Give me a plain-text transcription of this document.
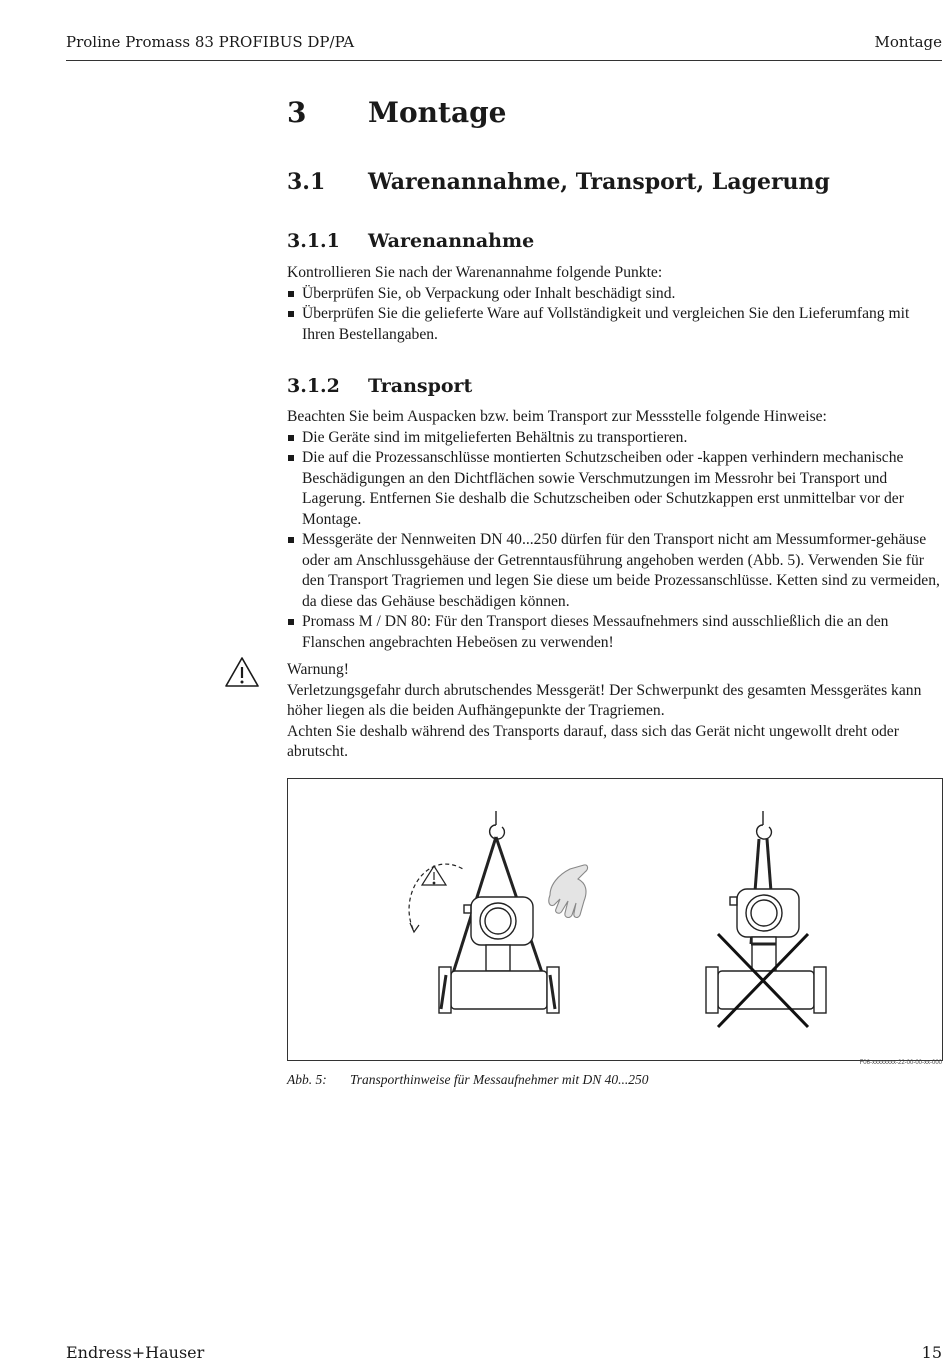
Proline Promass 83 PROFIBUS DP/PA	Montage
3 Montage
3.1 Warenannahme, Transport, Lagerung
3.1.1 Warenannahme

Kontrollieren Sie nach der Warenannahme folgende Punkte:

Überprüfen Sie, ob Verpackung oder Inhalt beschädigt sind.
Überprüfen Sie die gelieferte Ware auf Vollständigkeit und vergleichen Sie den Lieferumfang mit Ihren Bestellangaben.
3.1.2 Transport

Beachten Sie beim Auspacken bzw. beim Transport zur Messstelle folgende Hinweise:

Die Geräte sind im mitgelieferten Behältnis zu transportieren.
Die auf die Prozessanschlüsse montierten Schutzscheiben oder -kappen verhindern mechanische Beschädigungen an den Dichtflächen sowie Verschmutzungen im Messrohr bei Transport und Lagerung. Entfernen Sie deshalb die Schutzscheiben oder Schutzkappen erst unmittelbar vor der Montage.
Messgeräte der Nennweiten DN 40...250 dürfen für den Transport nicht am Messumformer-gehäuse oder am Anschlussgehäuse der Getrenntausführung angehoben werden (Abb. 5). Verwenden Sie für den Transport Tragriemen und legen Sie diese um beide Prozessanschlüsse. Ketten sind zu vermeiden, da diese das Gehäuse beschädigen können.
Promass M / DN 80: Für den Transport dieses Messaufnehmers sind ausschließlich die an den Flanschen angebrachten Hebeösen zu verwenden!

Warnung!

Verletzungsgefahr durch abrutschendes Messgerät! Der Schwerpunkt des gesamten Messgerätes kann höher liegen als die beiden Aufhängepunkte der Tragriemen.

Achten Sie deshalb während des Transports darauf, dass sich das Gerät nicht ungewollt dreht oder abrutscht.

F06-xxxxxxxx-22-00-00-xx-000
Abb. 5: Transporthinweise für Messaufnehmer mit DN 40...250
Endress+Hauser	15
